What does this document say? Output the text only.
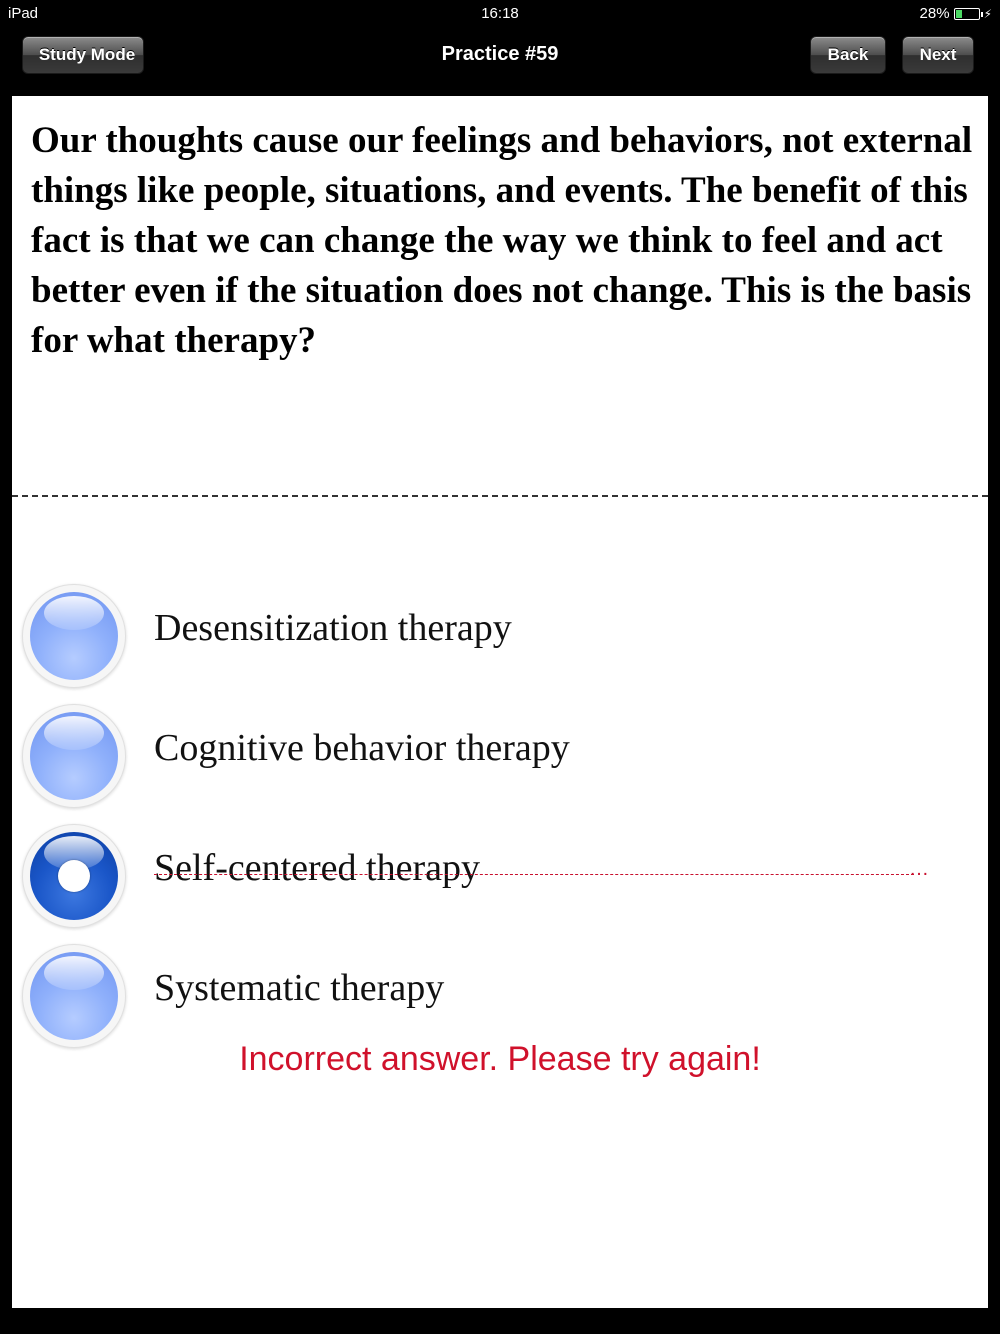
iPad	16:18	28%	⚡
Study Mode	Practice #59	Back	Next

Our thoughts cause our feelings and behaviors, not external things like people, situations, and events. The benefit of this fact is that we can change the way we think to feel and act better even if the situation does not change. This is the basis for what therapy?

Desensitization therapy
Cognitive behavior therapy
Self-centered therapy	…
Systematic therapy
Incorrect answer. Please try again!
